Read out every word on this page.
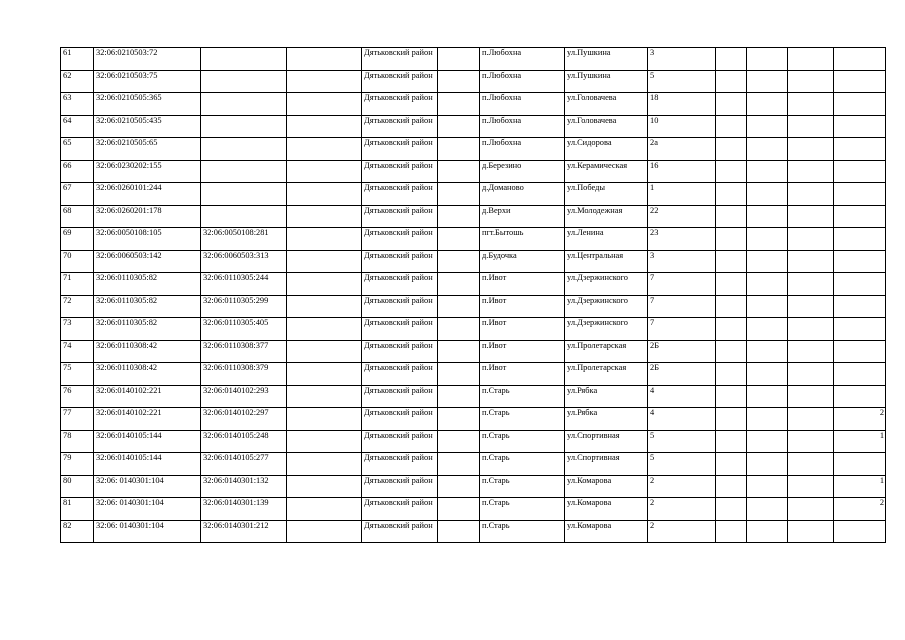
61	32:06:0210503:72			Дятьковский район		п.Любохна	ул.Пушкина	3				
62	32:06:0210503:75			Дятьковский район		п.Любохна	ул.Пушкина	5				
63	32:06:0210505:365			Дятьковский район		п.Любохна	ул.Головачева	18				
64	32:06:0210505:435			Дятьковский район		п.Любохна	ул.Головачева	10				
65	32:06:0210505:65			Дятьковский район		п.Любохна	ул.Сидорова	2а				
66	32:06:0230202:155			Дятьковский район		д.Березино	ул.Керамическая	16				
67	32:06:0260101:244			Дятьковский район		д.Доманово	ул.Победы	1				
68	32:06:0260201:178			Дятьковский район		д.Верхи	ул.Молодежная	22				
69	32:06:0050108:105	32:06:0050108:281		Дятьковский район		пгт.Бытошь	ул.Ленина	23				
70	32:06:0060503:142	32:06:0060503:313		Дятьковский район		д.Будочка	ул.Центральная	3				
71	32:06:0110305:82	32:06:0110305:244		Дятьковский район		п.Ивот	ул.Дзержинского	7				
72	32:06:0110305:82	32:06:0110305:299		Дятьковский район		п.Ивот	ул.Дзержинского	7				
73	32:06:0110305:82	32:06:0110305:405		Дятьковский район		п.Ивот	ул.Дзержинского	7				
74	32:06:0110308:42	32:06:0110308:377		Дятьковский район		п.Ивот	ул.Пролетарская	2Б				
75	32:06:0110308:42	32:06:0110308:379		Дятьковский район		п.Ивот	ул.Пролетарская	2Б				
76	32:06:0140102:221	32:06:0140102:293		Дятьковский район		п.Старь	ул.Рябка	4				
77	32:06:0140102:221	32:06:0140102:297		Дятьковский район		п.Старь	ул.Рябка	4				2
78	32:06:0140105:144	32:06:0140105:248		Дятьковский район		п.Старь	ул.Спортивная	5				1
79	32:06:0140105:144	32:06:0140105:277		Дятьковский район		п.Старь	ул.Спортивная	5				
80	32:06: 0140301:104	32:06:0140301:132		Дятьковский район		п.Старь	ул.Комарова	2				1
81	32:06: 0140301:104	32:06:0140301:139		Дятьковский район		п.Старь	ул.Комарова	2				2
82	32:06: 0140301:104	32:06:0140301:212		Дятьковский район		п.Старь	ул.Комарова	2				
